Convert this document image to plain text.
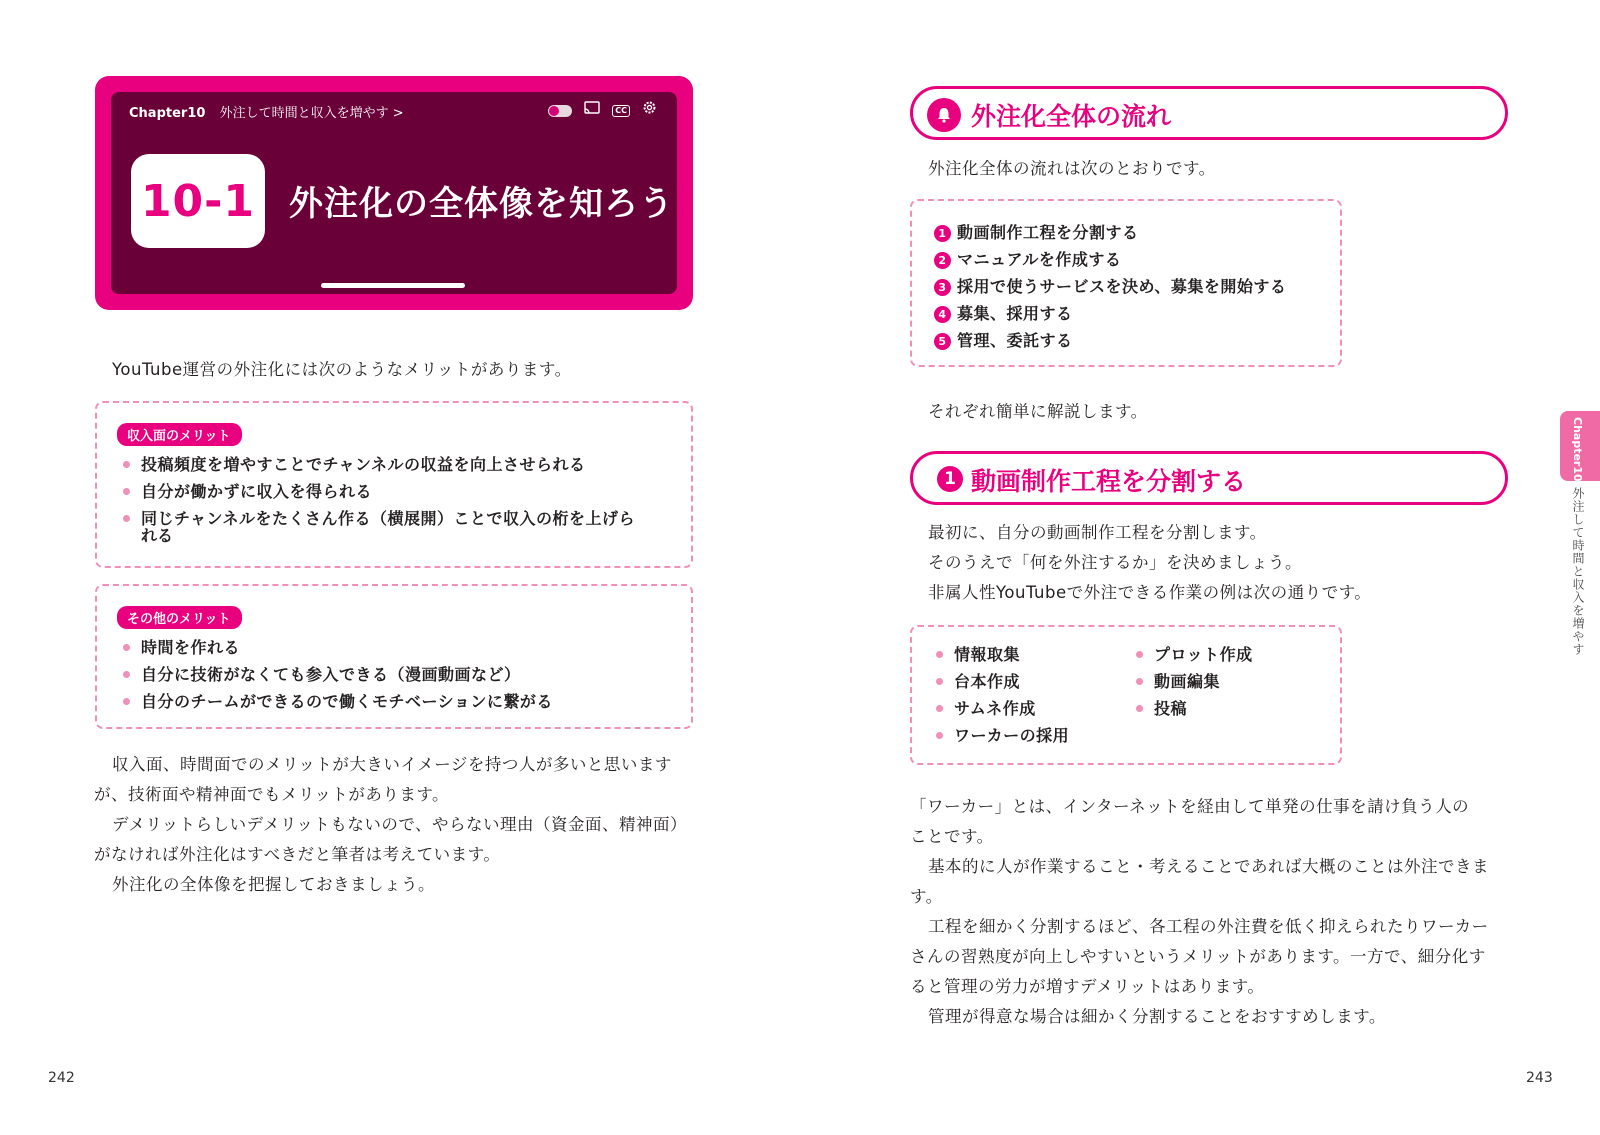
Chapter10 外注して時間と収入を増やす >	CC
10-1 外注化の全体像を知ろう
YouTube運営の外注化には次のようなメリットがあります。
収入面のメリット
投稿頻度を増やすことでチャンネルの収益を向上させられる
自分が働かずに収入を得られる
同じチャンネルをたくさん作る（横展開）ことで収入の桁を上げら
れる
その他のメリット
時間を作れる
自分に技術がなくても参入できる（漫画動画など）
自分のチームができるので働くモチベーションに繋がる

収入面、時間面でのメリットが大きいイメージを持つ人が多いと思います

が、技術面や精神面でもメリットがあります。

デメリットらしいデメリットもないので、やらない理由（資金面、精神面）

がなければ外注化はすべきだと筆者は考えています。

外注化の全体像を把握しておきましょう。

242
外注化全体の流れ
外注化全体の流れは次のとおりです。
1 動画制作工程を分割する
2 マニュアルを作成する
3 採用で使うサービスを決め、募集を開始する
4 募集、採用する
5 管理、委託する
それぞれ簡単に解説します。
1 動画制作工程を分割する

最初に、自分の動画制作工程を分割します。

そのうえで「何を外注するか」を決めましょう。

非属人性YouTubeで外注できる作業の例は次の通りです。

情報取集
台本作成
サムネ作成
ワーカーの採用
プロット作成
動画編集
投稿

「ワーカー」とは、インターネットを経由して単発の仕事を請け負う人の

ことです。

基本的に人が作業すること・考えることであれば大概のことは外注できま

す。

工程を細かく分割するほど、各工程の外注費を低く抑えられたりワーカー

さんの習熟度が向上しやすいというメリットがあります。一方で、細分化す

ると管理の労力が増すデメリットはあります。

管理が得意な場合は細かく分割することをおすすめします。

Chapter10
外注して時間と収入を増やす
243
